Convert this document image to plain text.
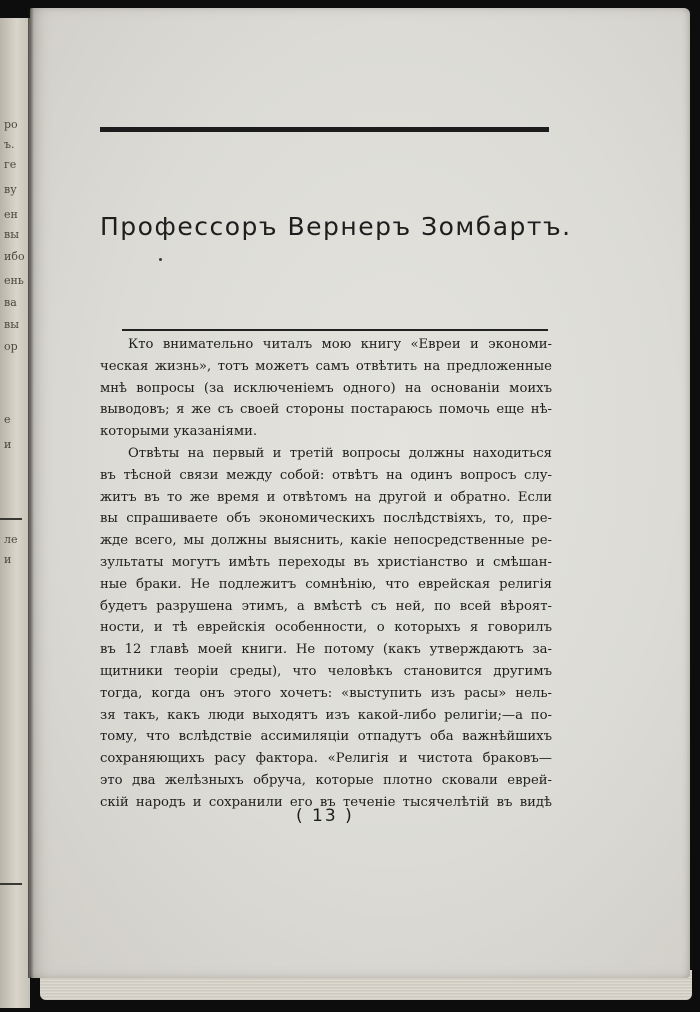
ро
ъ.
ге
ву
ен
вы
ибо
ень
ва
вы
ор
е
и
ле
и
Профессоръ Вернеръ Зомбартъ.
Кто внимательно читалъ мою книгу «Евреи и экономи-
ческая жизнь», тотъ можетъ самъ отвѣтить на предложенные
мнѣ вопросы (за исключеніемъ одного) на основаніи моихъ
выводовъ; я же съ своей стороны постараюсь помочь еще нѣ-
которыми указаніями.
Отвѣты на первый и третій вопросы должны находиться
въ тѣсной связи между собой: отвѣтъ на одинъ вопросъ слу-
житъ въ то же время и отвѣтомъ на другой и обратно. Если
вы спрашиваете объ экономическихъ послѣдствіяхъ, то, пре-
жде всего, мы должны выяснить, какіе непосредственные ре-
зультаты могутъ имѣть переходы въ христіанство и смѣшан-
ные браки. Не подлежитъ сомнѣнію, что еврейская религія
будетъ разрушена этимъ, а вмѣстѣ съ ней, по всей вѣроят-
ности, и тѣ еврейскія особенности, о которыхъ я говорилъ
въ 12 главѣ моей книги. Не потому (какъ утверждаютъ за-
щитники теоріи среды), что человѣкъ становится другимъ
тогда, когда онъ этого хочетъ: «выступить изъ расы» нель-
зя такъ, какъ люди выходятъ изъ какой-либо религіи;—а по-
тому, что вслѣдствіе ассимиляціи отпадутъ оба важнѣйшихъ
сохраняющихъ расу фактора. «Религія и чистота браковъ—
это два желѣзныхъ обруча, которые плотно сковали еврей-
скій народъ и сохранили его въ теченіе тысячелѣтій въ видѣ
( 13 )
